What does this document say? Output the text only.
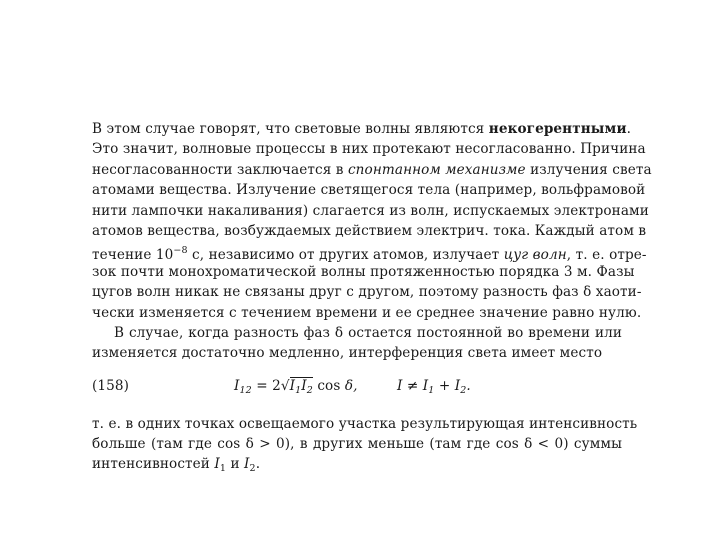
В этом случае говорят, что световые волны являются некогерентными.
Это значит, волновые процессы в них протекают несогласованно. Причина
несогласованности заключается в спонтанном механизме излучения света
атомами вещества. Излучение светящегося тела (например, вольфрамовой
нити лампочки накаливания) слагается из волн, испускаемых электронами
атомов вещества, возбуждаемых действием электрич. тока. Каждый атом в
течение $10^{-8}$ с, независимо от других атомов, излучает цуг волн, т. е. отре-
зок почти монохроматической волны протяженностью порядка 3 м. Фазы
цугов волн никак не связаны друг с другом, поэтому разность фаз δ хаоти-
чески изменяется с течением времени и ее среднее значение равно нулю.
В случае, когда разность фаз δ остается постоянной во времени или
изменяется достаточно медленно, интерференция света имеет место
(158)	$I_{12} = 2√I_1I_2$ cos δ,	$I \ne I_1 + I_2$.
т. е. в одних точках освещаемого участка результирующая интенсивность
больше (там где cos δ > 0), в других меньше (там где cos δ < 0) суммы
интенсивностей $I_1$ и $I_2$.
